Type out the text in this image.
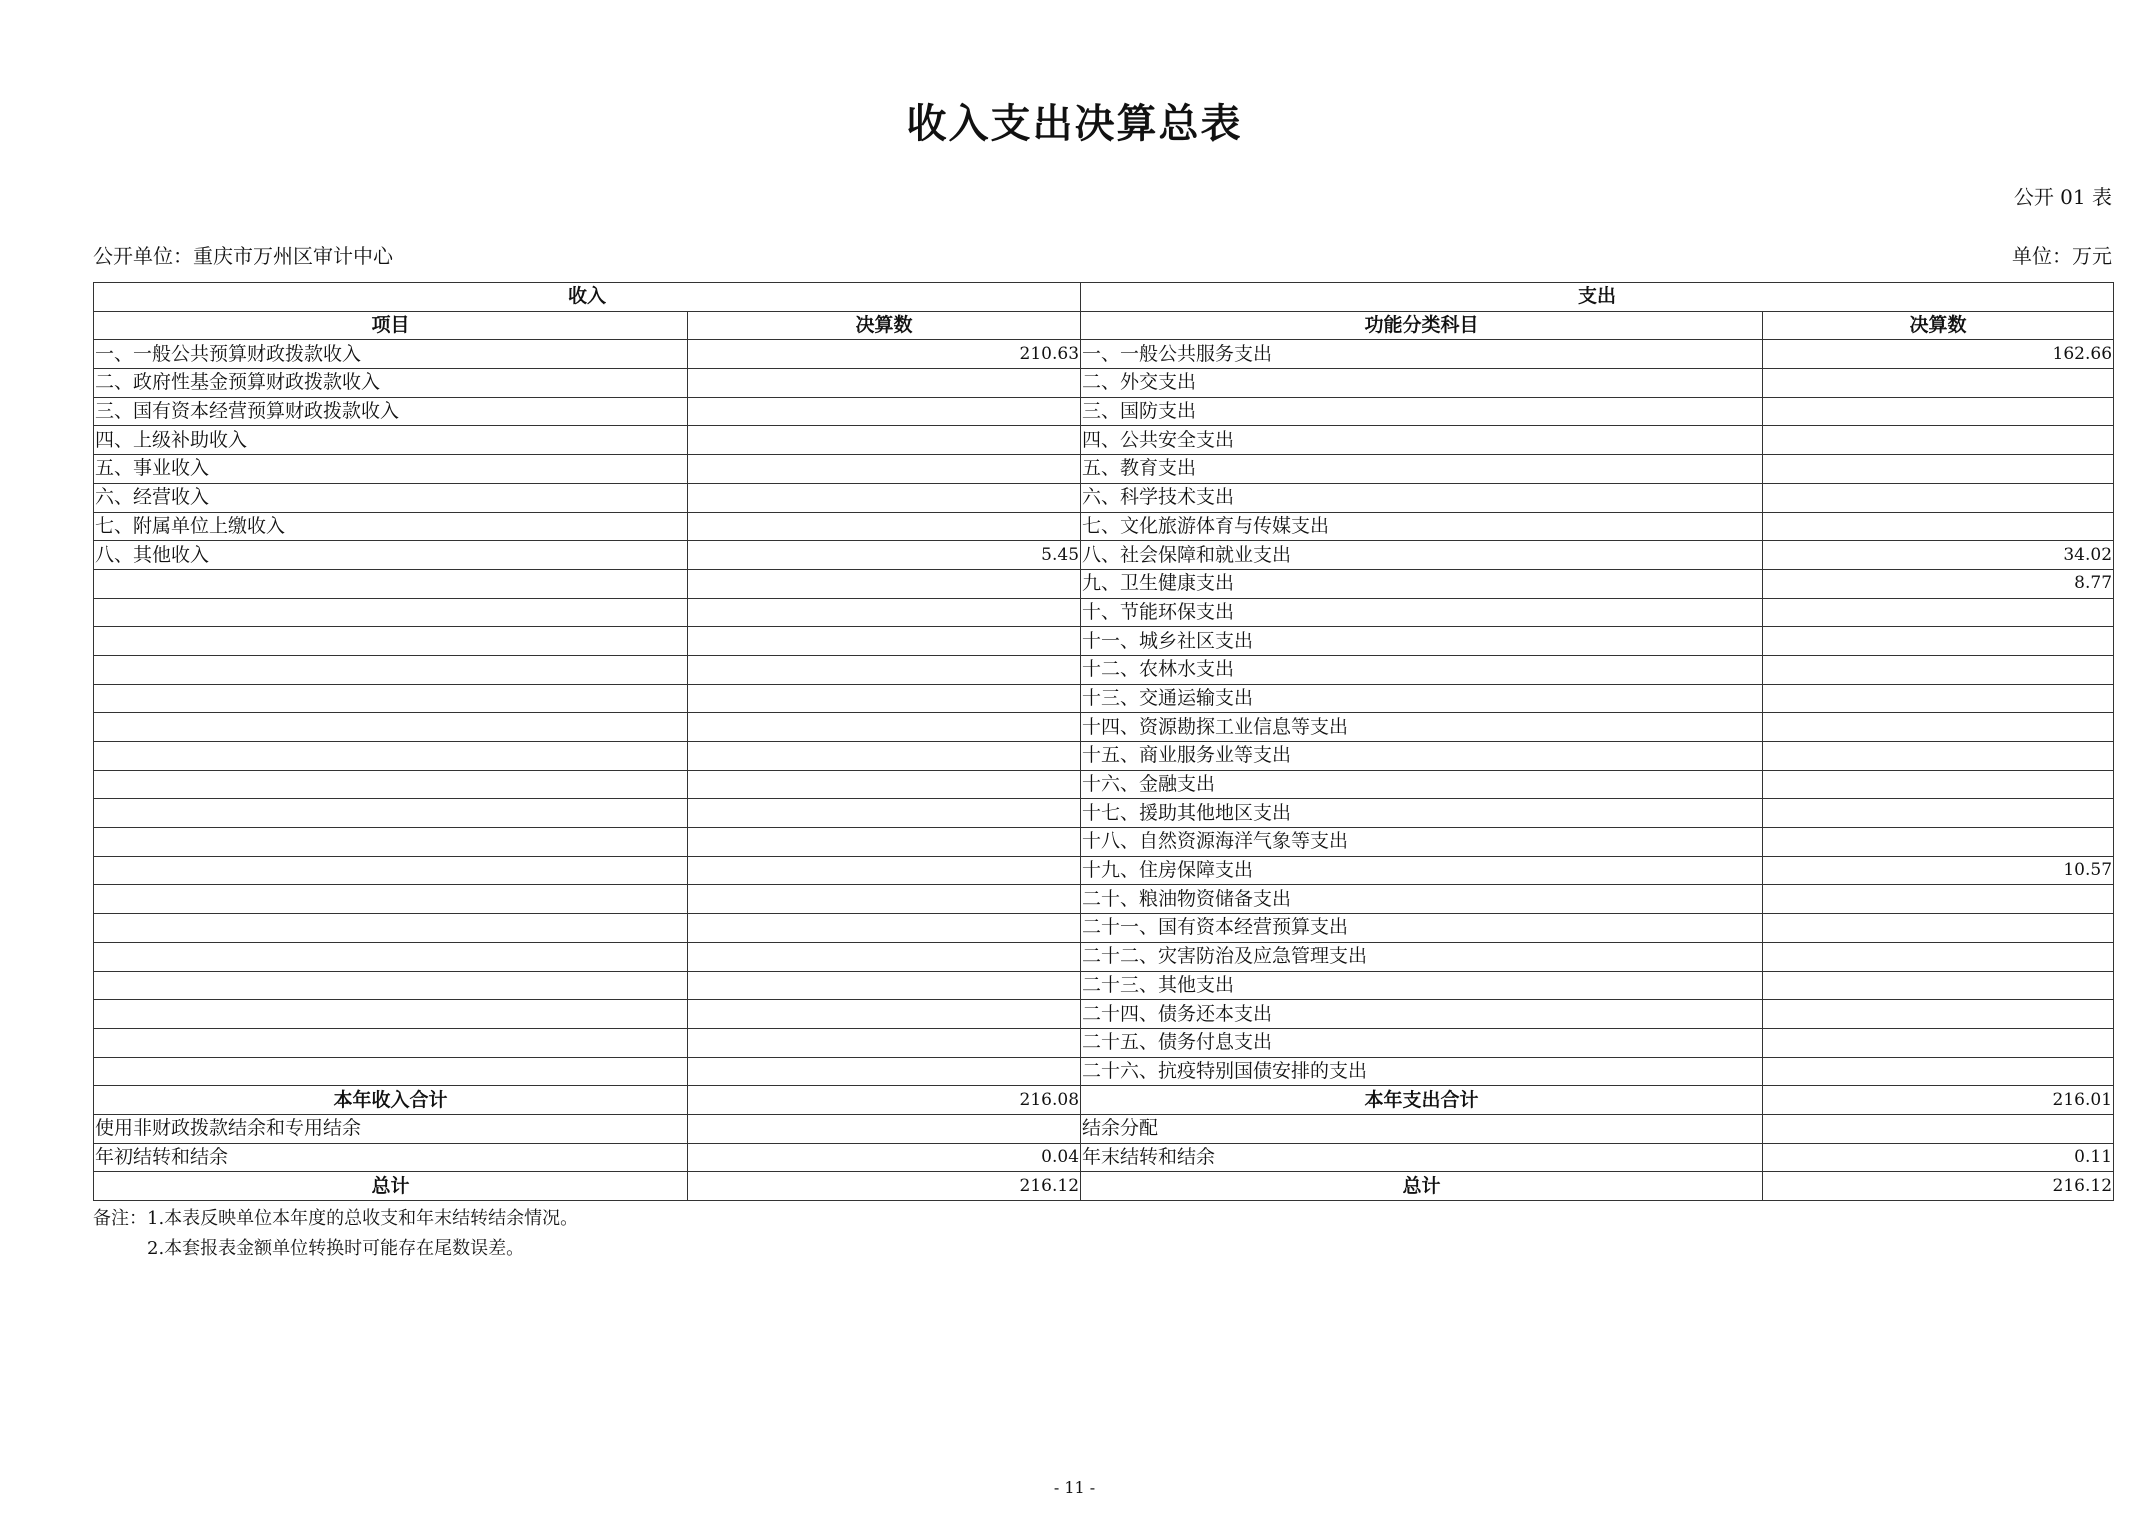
收入支出决算总表
公开 01 表
公开单位：重庆市万州区审计中心	单位：万元
收入		支出	
项目	决算数	功能分类科目	决算数
一、一般公共预算财政拨款收入	210.63	一、一般公共服务支出	162.66
二、政府性基金预算财政拨款收入		二、外交支出	
三、国有资本经营预算财政拨款收入		三、国防支出	
四、上级补助收入		四、公共安全支出	
五、事业收入		五、教育支出	
六、经营收入		六、科学技术支出	
七、附属单位上缴收入		七、文化旅游体育与传媒支出	
八、其他收入	5.45	八、社会保障和就业支出	34.02
		九、卫生健康支出	8.77
		十、节能环保支出	
		十一、城乡社区支出	
		十二、农林水支出	
		十三、交通运输支出	
		十四、资源勘探工业信息等支出	
		十五、商业服务业等支出	
		十六、金融支出	
		十七、援助其他地区支出	
		十八、自然资源海洋气象等支出	
		十九、住房保障支出	10.57
		二十、粮油物资储备支出	
		二十一、国有资本经营预算支出	
		二十二、灾害防治及应急管理支出	
		二十三、其他支出	
		二十四、债务还本支出	
		二十五、债务付息支出	
		二十六、抗疫特别国债安排的支出	
本年收入合计	216.08	本年支出合计	216.01
使用非财政拨款结余和专用结余		结余分配	
年初结转和结余	0.04	年末结转和结余	0.11
总计	216.12	总计	216.12
备注：1.本表反映单位本年度的总收支和年末结转结余情况。
2.本套报表金额单位转换时可能存在尾数误差。
- 11 -
